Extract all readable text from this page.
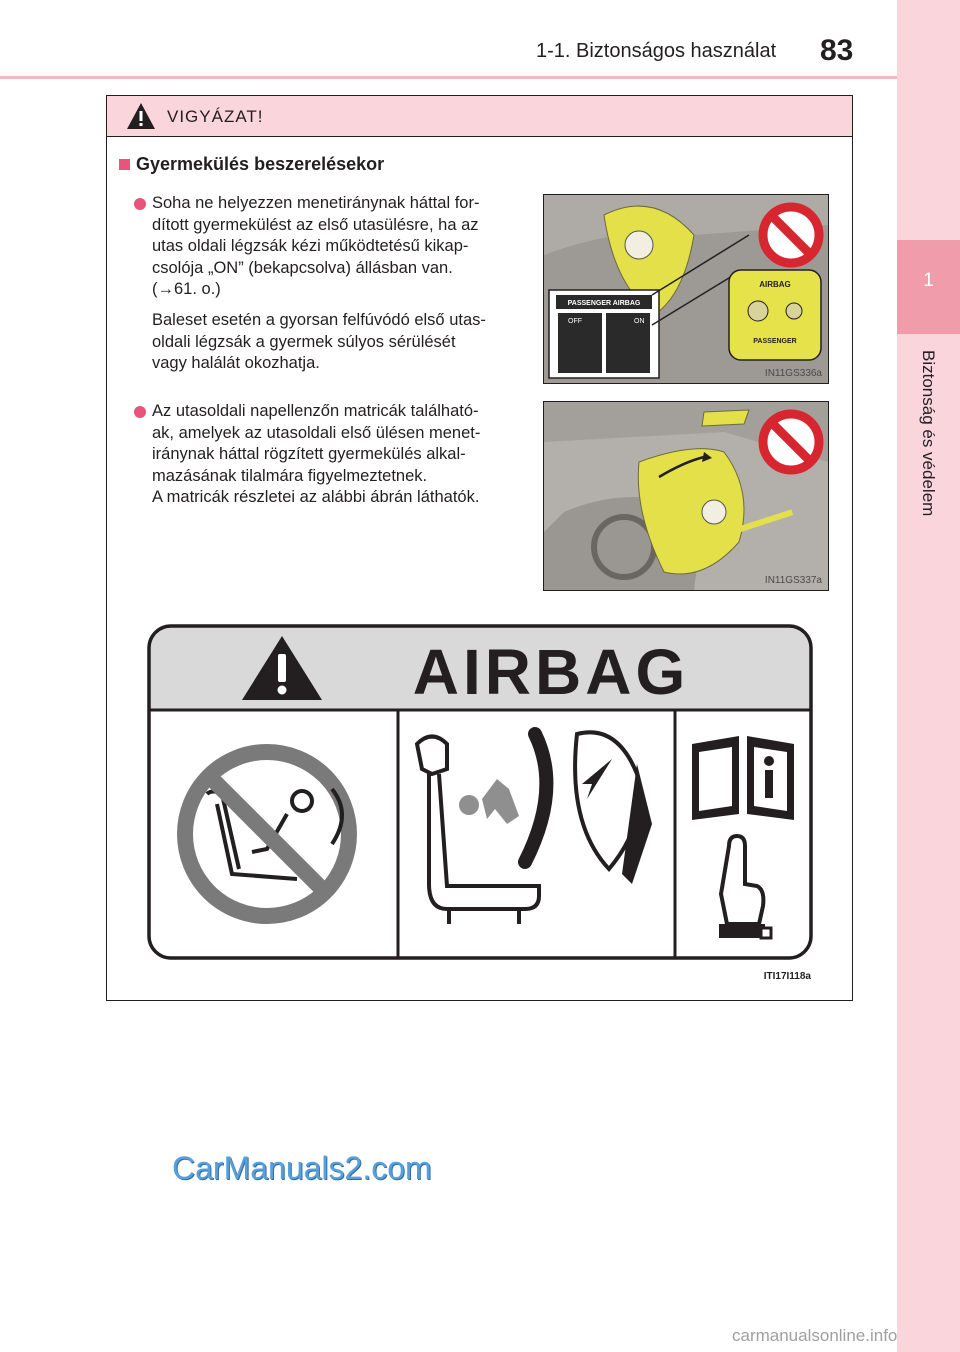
1
Biztonság és védelem
1-1. Biztonságos használat 83
VIGYÁZAT!
Gyermekülés beszerelésekor
Soha ne helyezzen menetiránynak háttal for-
dított gyermekülést az első utasülésre, ha az
utas oldali légzsák kézi működtetésű kikap-
csolója „ON” (bekapcsolva) állásban van.
(→61. o.)
Baleset esetén a gyorsan felfúvódó első utas-
oldali légzsák a gyermek súlyos sérülését
vagy halálát okozhatja.
PASSENGER AIRBAG
OFF	ON
AIRBAG
PASSENGER
IN11GS336a
Az utasoldali napellenzőn matricák található-
ak, amelyek az utasoldali első ülésen menet-
iránynak háttal rögzített gyermekülés alkal-
mazásának tilalmára figyelmeztetnek.
A matricák részletei az alábbi ábrán láthatók.
IN11GS337a
AIRBAG
ITI17I118a
CarManuals2.com
carmanualsonline.info
